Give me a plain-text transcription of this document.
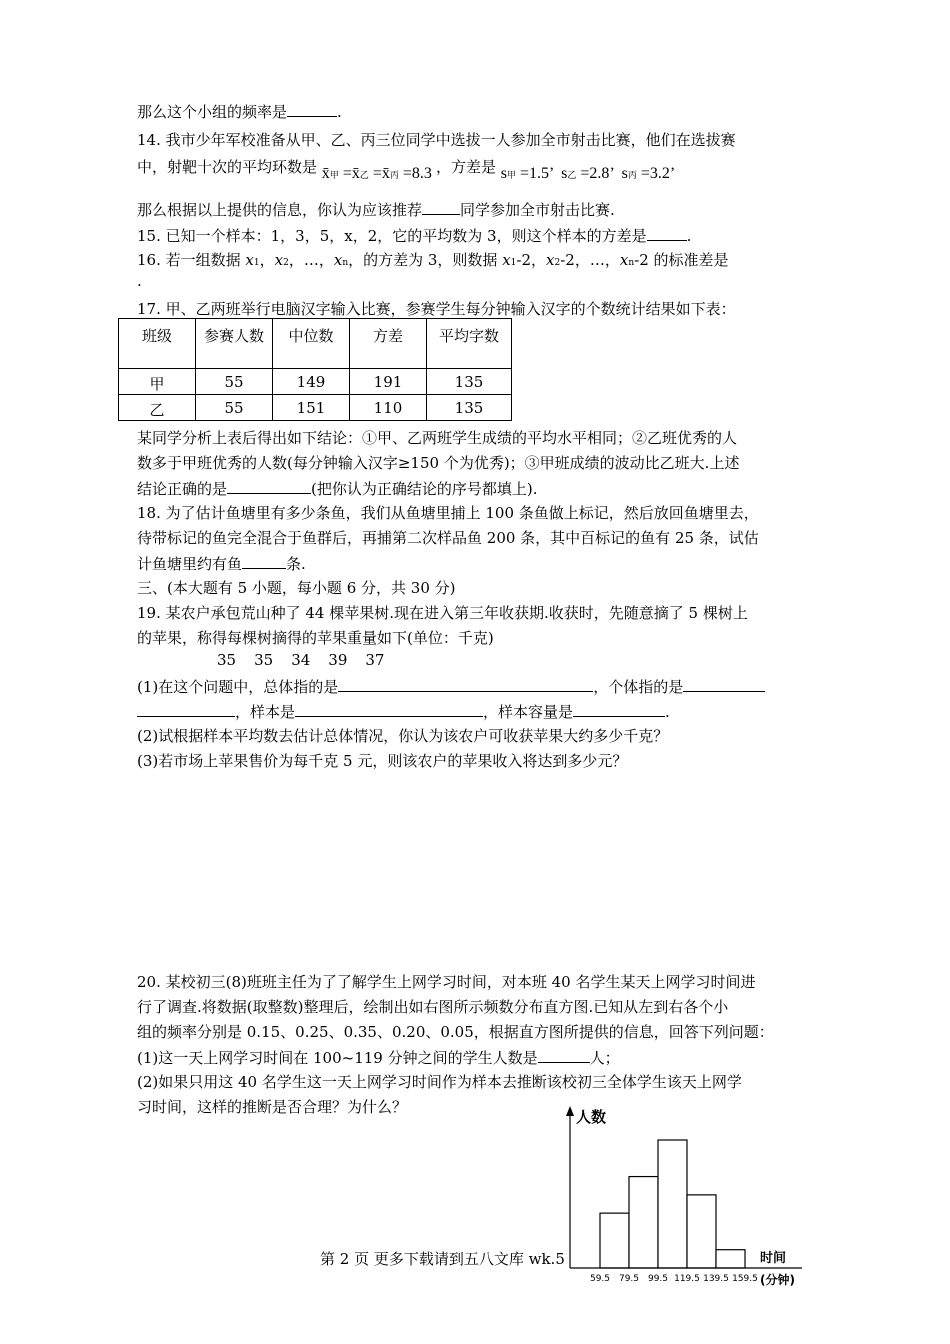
那么这个小组的频率是	.
14. 我市少年军校准备从甲、乙、丙三位同学中选拔一人参加全市射击比赛，他们在选拔赛
中，射靶十次的平均环数是 x̄甲 =x̄乙 =x̄丙 =8.3 ，方差是 s甲 =1.5’  s乙 =2.8’  s丙 =3.2’
那么根据以上提供的信息，你认为应该推荐	同学参加全市射击比赛.
15. 已知一个样本：1，3，5，x，2，它的平均数为 3，则这个样本的方差是	.
16. 若一组数据 x1，x2，…，xn，的方差为 3，则数据 x1-2，x2-2，…，xn-2 的标准差是
.
17. 甲、乙两班举行电脑汉字输入比赛，参赛学生每分钟输入汉字的个数统计结果如下表：
班级	参赛人数	中位数	方差	平均字数
甲	55	149	191	135
乙	55	151	110	135
某同学分析上表后得出如下结论：①甲、乙两班学生成绩的平均水平相同；②乙班优秀的人
数多于甲班优秀的人数(每分钟输入汉字≥150 个为优秀)；③甲班成绩的波动比乙班大.上述
结论正确的是	(把你认为正确结论的序号都填上).
18. 为了估计鱼塘里有多少条鱼，我们从鱼塘里捕上 100 条鱼做上标记，然后放回鱼塘里去，
待带标记的鱼完全混合于鱼群后，再捕第二次样品鱼 200 条，其中百标记的鱼有 25 条，试估
计鱼塘里约有鱼	条.
三、(本大题有 5 小题，每小题 6 分，共 30 分)
19. 某农户承包荒山种了 44 棵苹果树.现在进入第三年收获期.收获时，先随意摘了 5 棵树上
的苹果，称得每棵树摘得的苹果重量如下(单位：千克)
35 35 34 39 37
(1)在这个问题中，总体指的是	，个体指的是
，样本是	，样本容量是	.
(2)试根据样本平均数去估计总体情况，你认为该农户可收获苹果大约多少千克？
(3)若市场上苹果售价为每千克 5 元，则该农户的苹果收入将达到多少元？
20. 某校初三(8)班班主任为了了解学生上网学习时间，对本班 40 名学生某天上网学习时间进
行了调查.将数据(取整数)整理后，绘制出如右图所示频数分布直方图.已知从左到右各个小
组的频率分别是 0.15、0.25、0.35、0.20、0.05，根据直方图所提供的信息，回答下列问题：
(1)这一天上网学习时间在 100~119 分钟之间的学生人数是	人；
(2)如果只用这 40 名学生这一天上网学习时间作为样本去推断该校初三全体学生该天上网学
习时间，这样的推断是否合理？为什么？
人数
时间
(分钟)
59.5 79.5 99.5 119.5 139.5 159.5
第 2 页 更多下载请到五八文库 wk.5
